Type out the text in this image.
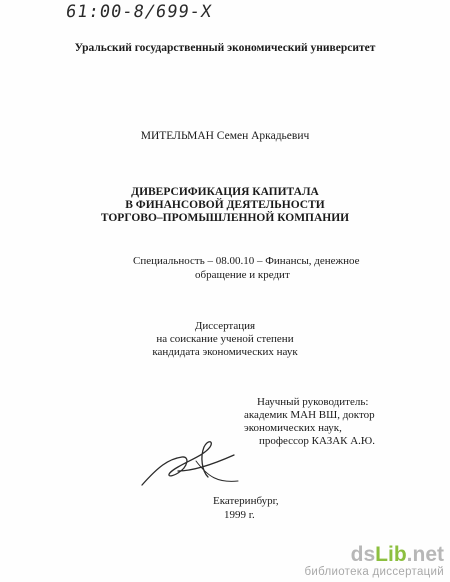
61:00-8/699-Х
Уральский государственный экономический университет
МИТЕЛЬМАН Семен Аркадьевич
ДИВЕРСИФИКАЦИЯ КАПИТАЛА
В ФИНАНСОВОЙ ДЕЯТЕЛЬНОСТИ
ТОРГОВО–ПРОМЫШЛЕННОЙ КОМПАНИИ
Специальность – 08.00.10 – Финансы, денежное
обращение и кредит
Диссертация
на соискание ученой степени
кандидата экономических наук
Научный руководитель:
академик МАН ВШ, доктор
экономических наук,
профессор КАЗАК А.Ю.
Екатеринбург,
1999 г.
dsLib.net
библиотека диссертаций
